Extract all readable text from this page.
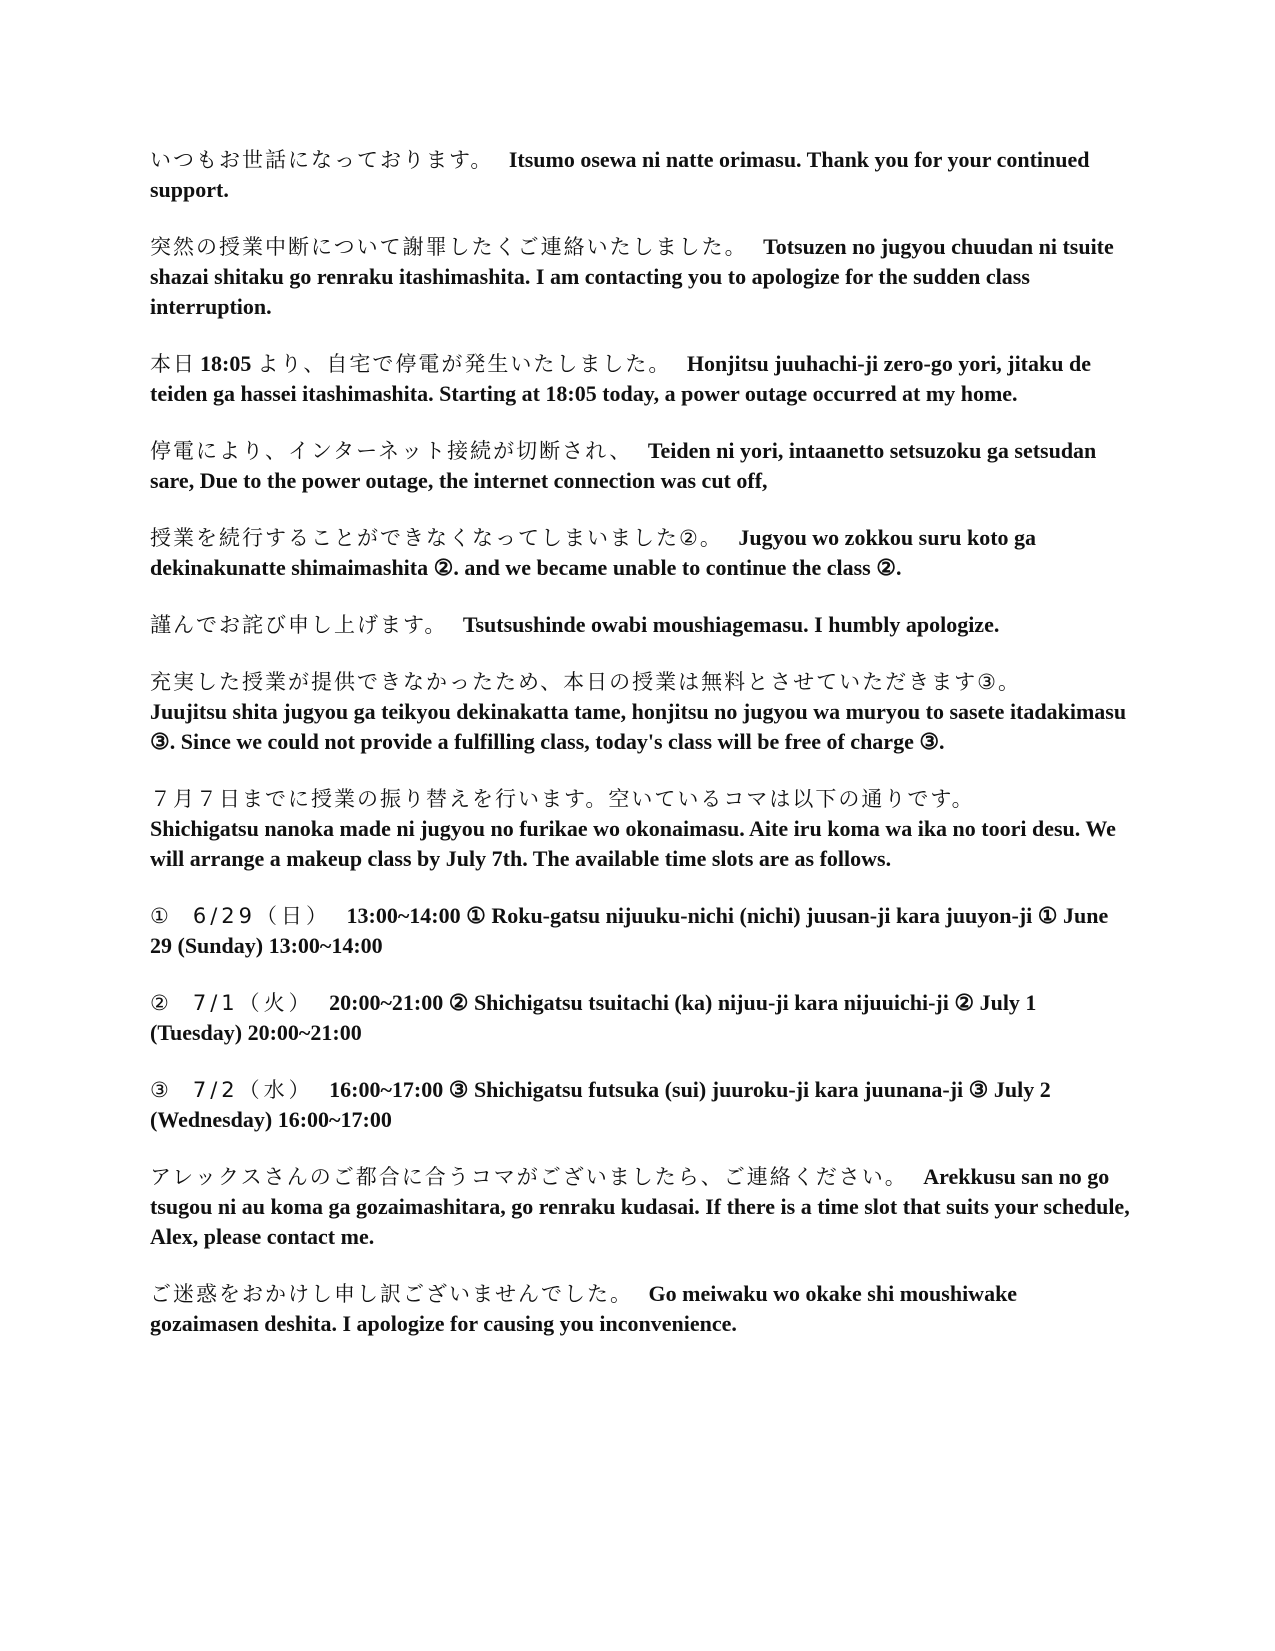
いつもお世話になっております。 Itsumo osewa ni natte orimasu. Thank you for your continued support.

突然の授業中断について謝罪したくご連絡いたしました。 Totsuzen no jugyou chuudan ni tsuite shazai shitaku go renraku itashimashita. I am contacting you to apologize for the sudden class interruption.

本日 18:05 より、自宅で停電が発生いたしました。 Honjitsu juuhachi-ji zero-go yori, jitaku de teiden ga hassei itashimashita. Starting at 18:05 today, a power outage occurred at my home.

停電により、インターネット接続が切断され、 Teiden ni yori, intaanetto setsuzoku ga setsudan sare, Due to the power outage, the internet connection was cut off,

授業を続行することができなくなってしまいました②。 Jugyou wo zokkou suru koto ga dekinakunatte shimaimashita ②. and we became unable to continue the class ②.

謹んでお詫び申し上げます。 Tsutsushinde owabi moushiagemasu. I humbly apologize.

充実した授業が提供できなかったため、本日の授業は無料とさせていただきます③。
Juujitsu shita jugyou ga teikyou dekinakatta tame, honjitsu no jugyou wa muryou to sasete itadakimasu ③. Since we could not provide a fulfilling class, today's class will be free of charge ③.

７月７日までに授業の振り替えを行います。空いているコマは以下の通りです。
Shichigatsu nanoka made ni jugyou no furikae wo okonaimasu. Aite iru koma wa ika no toori desu. We will arrange a makeup class by July 7th. The available time slots are as follows.

① 6/29（日） 13:00~14:00 ① Roku-gatsu nijuuku-nichi (nichi) juusan-ji kara juuyon-ji ① June 29 (Sunday) 13:00~14:00

② 7/1（火） 20:00~21:00 ② Shichigatsu tsuitachi (ka) nijuu-ji kara nijuuichi-ji ② July 1 (Tuesday) 20:00~21:00

③ 7/2（水） 16:00~17:00 ③ Shichigatsu futsuka (sui) juuroku-ji kara juunana-ji ③ July 2 (Wednesday) 16:00~17:00

アレックスさんのご都合に合うコマがございましたら、ご連絡ください。 Arekkusu san no go tsugou ni au koma ga gozaimashitara, go renraku kudasai. If there is a time slot that suits your schedule, Alex, please contact me.

ご迷惑をおかけし申し訳ございませんでした。 Go meiwaku wo okake shi moushiwake gozaimasen deshita. I apologize for causing you inconvenience.
